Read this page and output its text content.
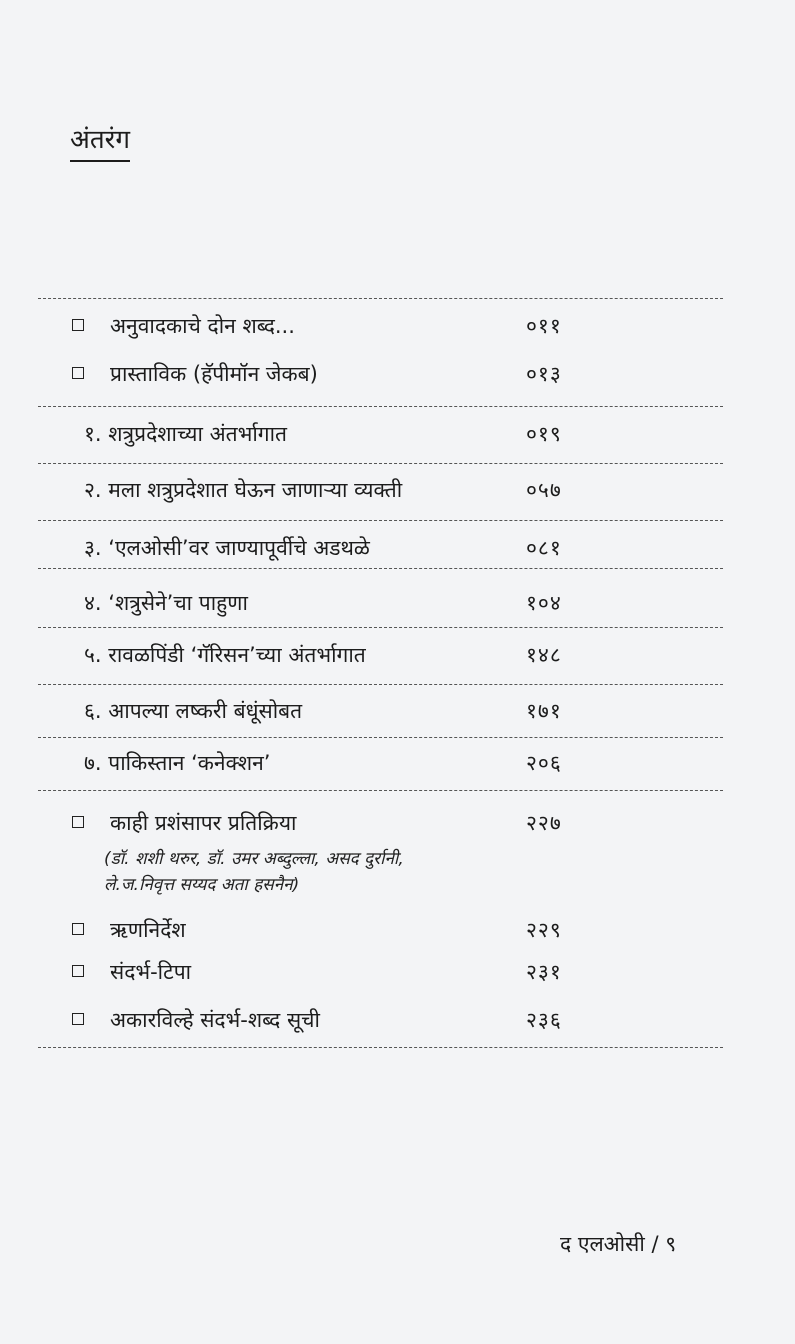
अंतरंग
अनुवादकाचे दोन शब्द...	०११
प्रास्ताविक (हॅपीमॉन जेकब)	०१३
१. शत्रुप्रदेशाच्या अंतर्भागात	०१९
२. मला शत्रुप्रदेशात घेऊन जाणाऱ्या व्यक्ती	०५७
३. ‘एलओसी’वर जाण्यापूर्वीचे अडथळे	०८१
४. ‘शत्रुसेने’चा पाहुणा	१०४
५. रावळपिंडी ‘गॅरिसन’च्या अंतर्भागात	१४८
६. आपल्या लष्करी बंधूंसोबत	१७१
७. पाकिस्तान ‘कनेक्शन’	२०६
काही प्रशंसापर प्रतिक्रिया	२२७
(डॉ. शशी थरुर, डॉ. उमर अब्दुल्ला, असद दुर्रानी,
ले.ज.निवृत्त सय्यद अता हसनैन)
ऋणनिर्देश	२२९
संदर्भ-टिपा	२३१
अकारविल्हे संदर्भ-शब्द सूची	२३६
द एलओसी / ९
